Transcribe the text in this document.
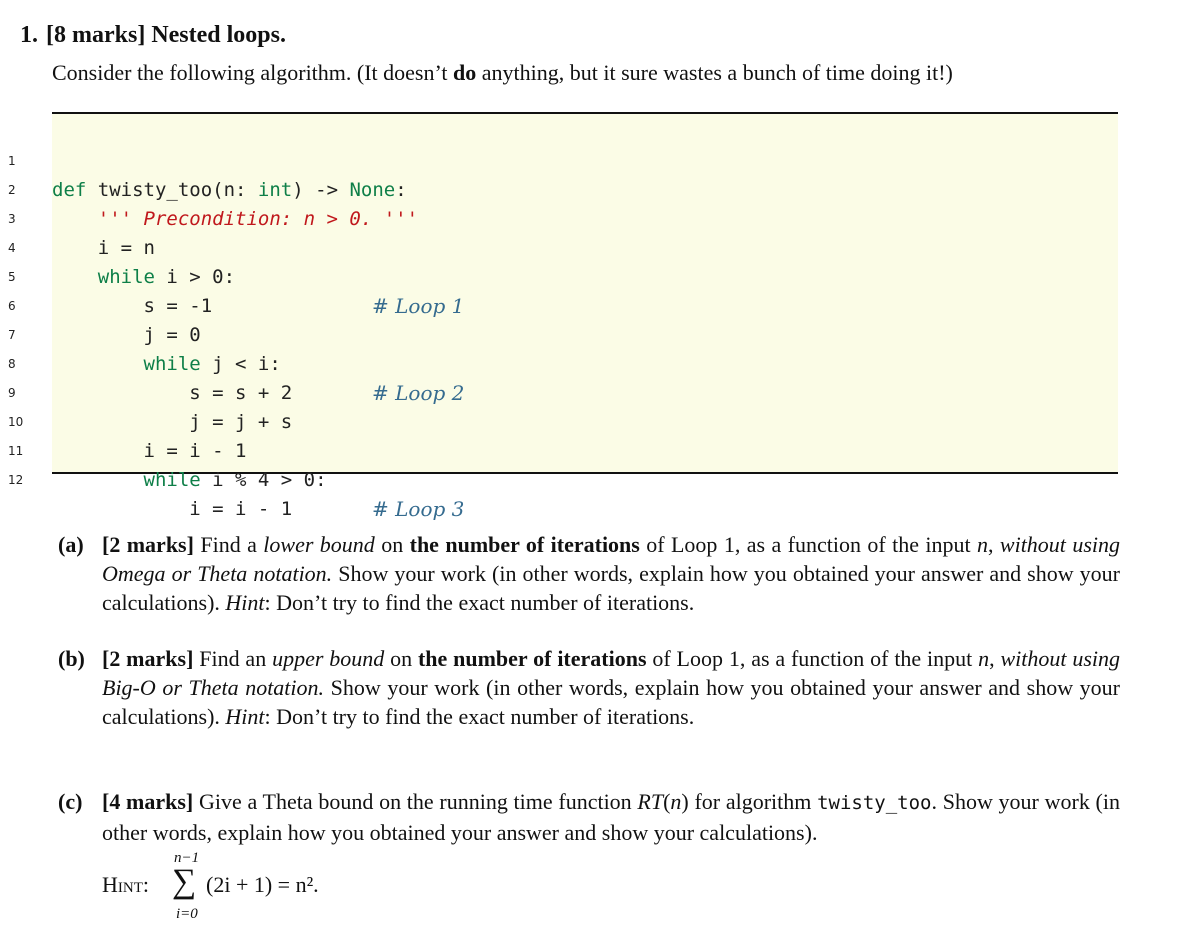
1. [8 marks] Nested loops.
Consider the following algorithm. (It doesn’t do anything, but it sure wastes a bunch of time doing it!)

1

def twisty_too(n: int) -> None:

2

''' Precondition: n > 0. '''

3

i = n

4

while i > 0:

# Loop 1

5

s = -1

6

j = 0

7

while j < i:

# Loop 2

8

s = s + 2

9

j = j + s

10

i = i - 1

11

while i % 4 > 0:

# Loop 3

12

i = i - 1

(a) [2 marks] Find a lower bound on the number of iterations of Loop 1, as a function of the input n, without using Omega or Theta notation. Show your work (in other words, explain how you obtained your answer and show your calculations). Hint: Don’t try to find the exact number of iterations.
(b) [2 marks] Find an upper bound on the number of iterations of Loop 1, as a function of the input n, without using Big-O or Theta notation. Show your work (in other words, explain how you obtained your answer and show your calculations). Hint: Don’t try to find the exact number of iterations.
(c) [4 marks] Give a Theta bound on the running time function RT(n) for algorithm twisty_too. Show your work (in other words, explain how you obtained your answer and show your calculations).
Hint:
n−1
∑
i=0
(2i + 1) = n².
